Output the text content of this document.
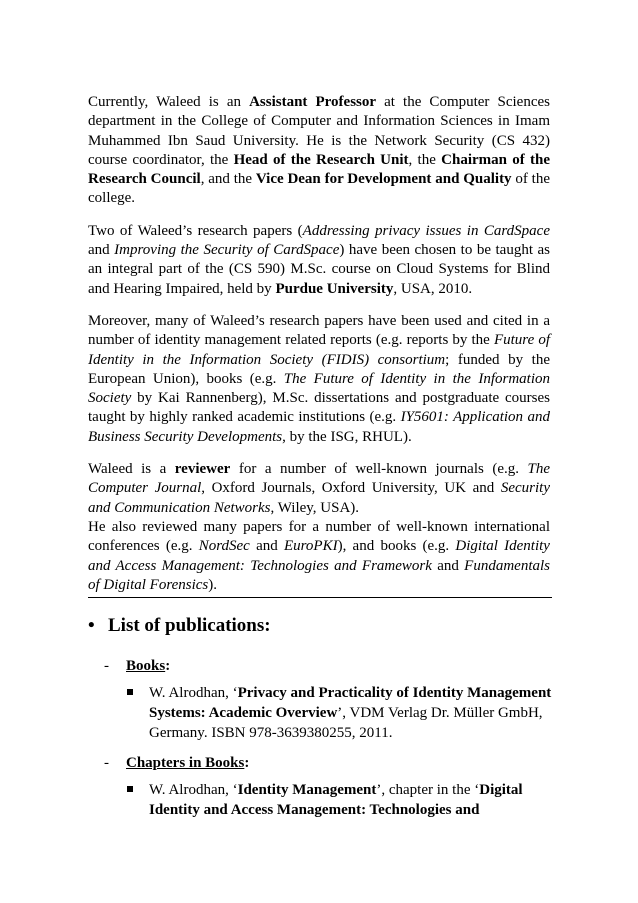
Currently, Waleed is an Assistant Professor at the Computer Sciences department in the College of Computer and Information Sciences in Imam Muhammed Ibn Saud University. He is the Network Security (CS 432) course coordinator, the Head of the Research Unit, the Chairman of the Research Council, and the Vice Dean for Development and Quality of the college.

Two of Waleed’s research papers (Addressing privacy issues in CardSpace and Improving the Security of CardSpace) have been chosen to be taught as an integral part of the (CS 590) M.Sc. course on Cloud Systems for Blind and Hearing Impaired, held by Purdue University, USA, 2010.

Moreover, many of Waleed’s research papers have been used and cited in a number of identity management related reports (e.g. reports by the Future of Identity in the Information Society (FIDIS) consortium; funded by the European Union), books (e.g. The Future of Identity in the Information Society by Kai Rannenberg), M.Sc. dissertations and postgraduate courses taught by highly ranked academic institutions (e.g. IY5601: Application and Business Security Developments, by the ISG, RHUL).

Waleed is a reviewer for a number of well-known journals (e.g. The Computer Journal, Oxford Journals, Oxford University, UK and Security and Communication Networks, Wiley, USA).

He also reviewed many papers for a number of well-known international conferences (e.g. NordSec and EuroPKI), and books (e.g. Digital Identity and Access Management: Technologies and Framework and Fundamentals of Digital Forensics).

• List of publications:
- Books:
W. Alrodhan, ‘Privacy and Practicality of Identity Management Systems: Academic Overview’, VDM Verlag Dr. Müller GmbH, Germany. ISBN 978-3639380255, 2011.
- Chapters in Books:
W. Alrodhan, ‘Identity Management’, chapter in the ‘Digital Identity and Access Management: Technologies and
